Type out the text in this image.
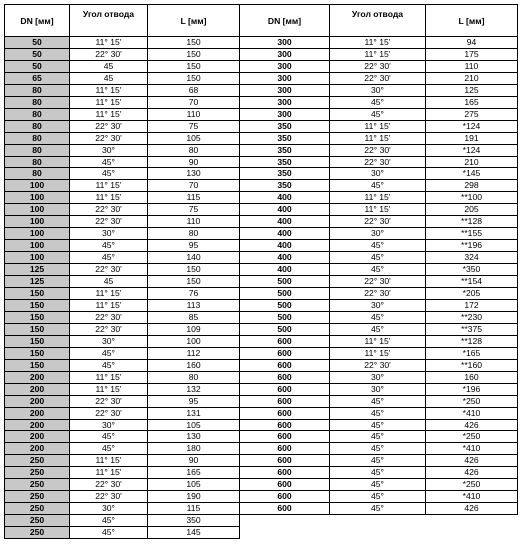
DN [мм]	Угол отвода	L [мм]	DN [мм]	Угол отвода	L [мм]
50	11° 15'	150	300	11° 15'	94
50	22° 30'	150	300	11° 15'	175
50	45	150	300	22° 30'	110
65	45	150	300	22° 30'	210
80	11° 15'	68	300	30°	125
80	11° 15'	70	300	45°	165
80	11° 15'	110	300	45°	275
80	22° 30'	75	350	11° 15'	*124
80	22° 30'	105	350	11° 15'	191
80	30°	80	350	22° 30'	*124
80	45°	90	350	22° 30'	210
80	45°	130	350	30°	*145
100	11° 15'	70	350	45°	298
100	11° 15'	115	400	11° 15'	**100
100	22° 30'	75	400	11° 15'	205
100	22° 30'	110	400	22° 30'	**128
100	30°	80	400	30°	**155
100	45°	95	400	45°	**196
100	45°	140	400	45°	324
125	22° 30'	150	400	45°	*350
125	45	150	500	22° 30'	**154
150	11° 15'	76	500	22° 30'	*205
150	11° 15'	113	500	30°	172
150	22° 30'	85	500	45°	**230
150	22° 30'	109	500	45°	**375
150	30°	100	600	11° 15'	**128
150	45°	112	600	11° 15'	*165
150	45°	160	600	22° 30'	**160
200	11° 15'	80	600	30°	160
200	11° 15'	132	600	30°	*196
200	22° 30'	95	600	45°	*250
200	22° 30'	131	600	45°	*410
200	30°	105	600	45°	426
200	45°	130	600	45°	*250
200	45°	180	600	45°	*410
250	11° 15'	90	600	45°	426
250	11° 15'	165	600	45°	426
250	22° 30'	105	600	45°	*250
250	22° 30'	190	600	45°	*410
250	30°	115	600	45°	426
250	45°	350			
250	45°	145			
